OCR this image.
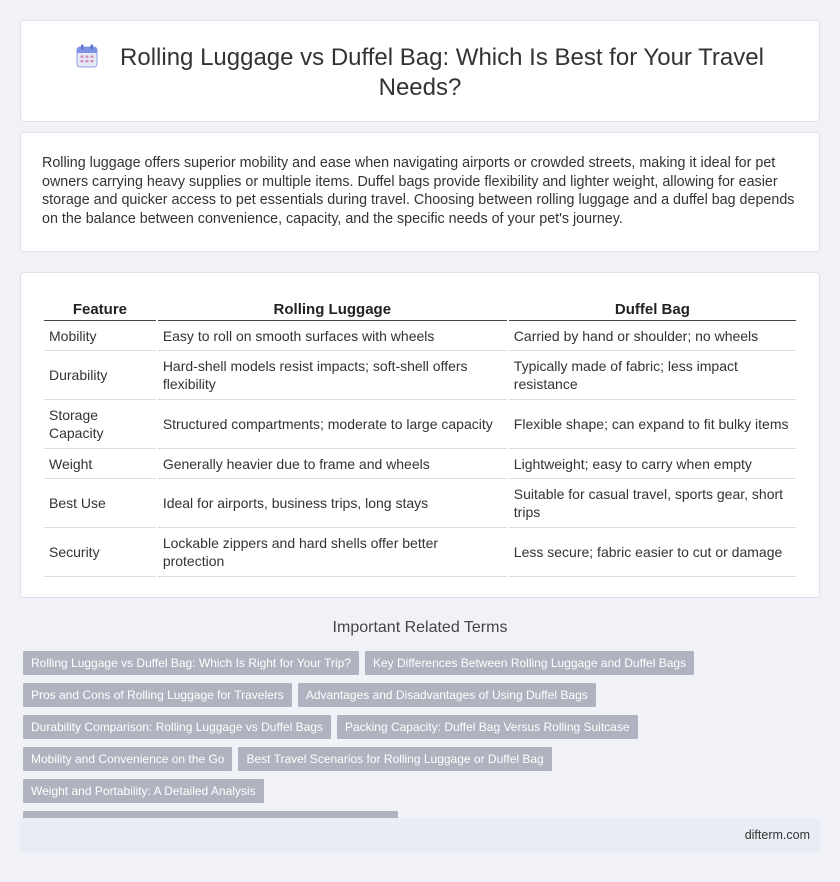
Rolling Luggage vs Duffel Bag: Which Is Best for Your Travel Needs?

Rolling luggage offers superior mobility and ease when navigating airports or crowded streets, making it ideal for pet owners carrying heavy supplies or multiple items. Duffel bags provide flexibility and lighter weight, allowing for easier storage and quicker access to pet essentials during travel. Choosing between rolling luggage and a duffel bag depends on the balance between convenience, capacity, and the specific needs of your pet's journey.

Feature	Rolling Luggage	Duffel Bag
Mobility	Easy to roll on smooth surfaces with wheels	Carried by hand or shoulder; no wheels
Durability	Hard-shell models resist impacts; soft-shell offers flexibility	Typically made of fabric; less impact resistance
Storage Capacity	Structured compartments; moderate to large capacity	Flexible shape; can expand to fit bulky items
Weight	Generally heavier due to frame and wheels	Lightweight; easy to carry when empty
Best Use	Ideal for airports, business trips, long stays	Suitable for casual travel, sports gear, short trips
Security	Lockable zippers and hard shells offer better protection	Less secure; fabric easier to cut or damage
Important Related Terms
Rolling Luggage vs Duffel Bag: Which Is Right for Your Trip? Key Differences Between Rolling Luggage and Duffel Bags
Pros and Cons of Rolling Luggage for Travelers Advantages and Disadvantages of Using Duffel Bags
Durability Comparison: Rolling Luggage vs Duffel Bags Packing Capacity: Duffel Bag Versus Rolling Suitcase
Mobility and Convenience on the Go Best Travel Scenarios for Rolling Luggage or Duffel BagWeight and Portability: A Detailed Analysis

difterm.com
